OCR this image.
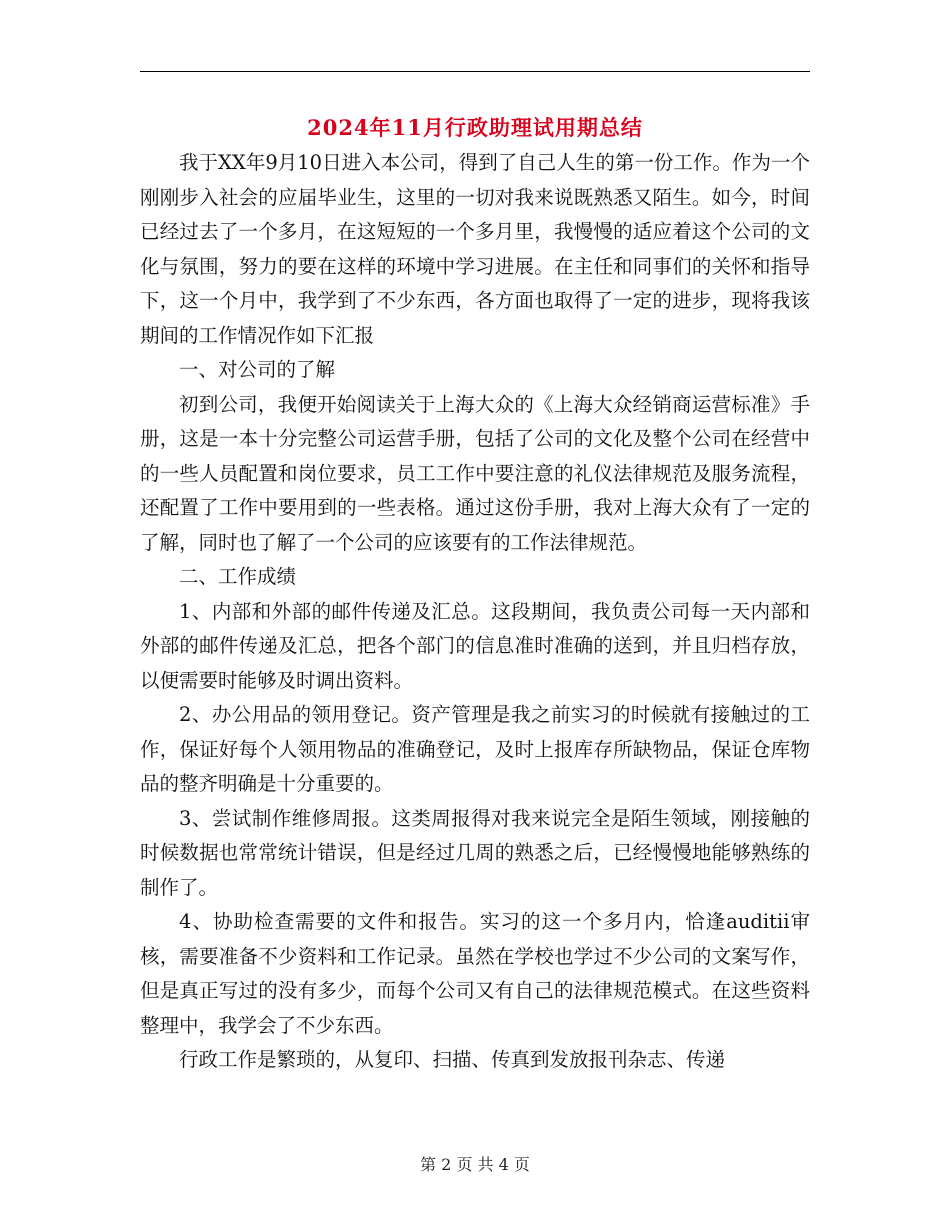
2024年11月行政助理试用期总结

我于XX年9月10日进入本公司，得到了自己人生的第一份工作。作为一个刚刚步入社会的应届毕业生，这里的一切对我来说既熟悉又陌生。如今，时间已经过去了一个多月，在这短短的一个多月里，我慢慢的适应着这个公司的文化与氛围，努力的要在这样的环境中学习进展。在主任和同事们的关怀和指导下，这一个月中，我学到了不少东西，各方面也取得了一定的进步，现将我该期间的工作情况作如下汇报

一、对公司的了解

初到公司，我便开始阅读关于上海大众的《上海大众经销商运营标准》手册，这是一本十分完整公司运营手册，包括了公司的文化及整个公司在经营中的一些人员配置和岗位要求，员工工作中要注意的礼仪法律规范及服务流程，还配置了工作中要用到的一些表格。通过这份手册，我对上海大众有了一定的了解，同时也了解了一个公司的应该要有的工作法律规范。

二、工作成绩

1、内部和外部的邮件传递及汇总。这段期间，我负责公司每一天内部和外部的邮件传递及汇总，把各个部门的信息准时准确的送到，并且归档存放，以便需要时能够及时调出资料。

2、办公用品的领用登记。资产管理是我之前实习的时候就有接触过的工作，保证好每个人领用物品的准确登记，及时上报库存所缺物品，保证仓库物品的整齐明确是十分重要的。

3、尝试制作维修周报。这类周报得对我来说完全是陌生领域，刚接触的时候数据也常常统计错误，但是经过几周的熟悉之后，已经慢慢地能够熟练的制作了。

4、协助检查需要的文件和报告。实习的这一个多月内，恰逢auditii审核，需要准备不少资料和工作记录。虽然在学校也学过不少公司的文案写作，但是真正写过的没有多少，而每个公司又有自己的法律规范模式。在这些资料整理中，我学会了不少东西。

行政工作是繁琐的，从复印、扫描、传真到发放报刊杂志、传递

第 2 页 共 4 页
